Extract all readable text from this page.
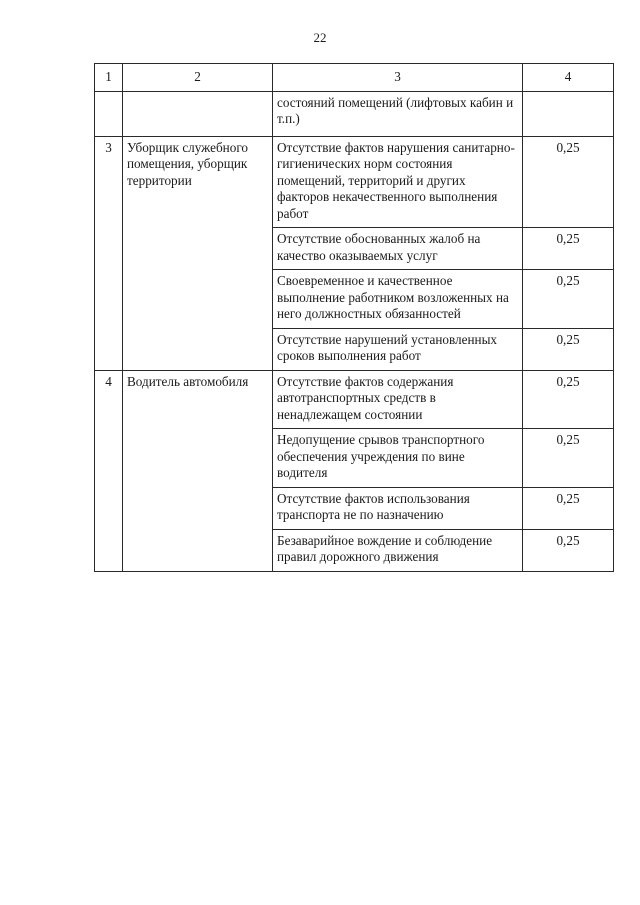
22
1	2	3	4
		состояний помещений (лифтовых кабин и т.п.)	
3	Уборщик служебного помещения, уборщик территории	Отсутствие фактов нарушения санитарно-гигиенических норм состояния помещений, территорий и других факторов некачественного выполнения работ	0,25
		Отсутствие обоснованных жалоб на качество оказываемых услуг	0,25
		Своевременное и качественное выполнение работником возложенных на него должностных обязанностей	0,25
		Отсутствие нарушений установленных сроков выполнения работ	0,25
4	Водитель автомобиля	Отсутствие фактов содержания автотранспортных средств в ненадлежащем состоянии	0,25
		Недопущение срывов транспортного обеспечения учреждения по вине водителя	0,25
		Отсутствие фактов использования транспорта не по назначению	0,25
		Безаварийное вождение и соблюдение правил дорожного движения	0,25
